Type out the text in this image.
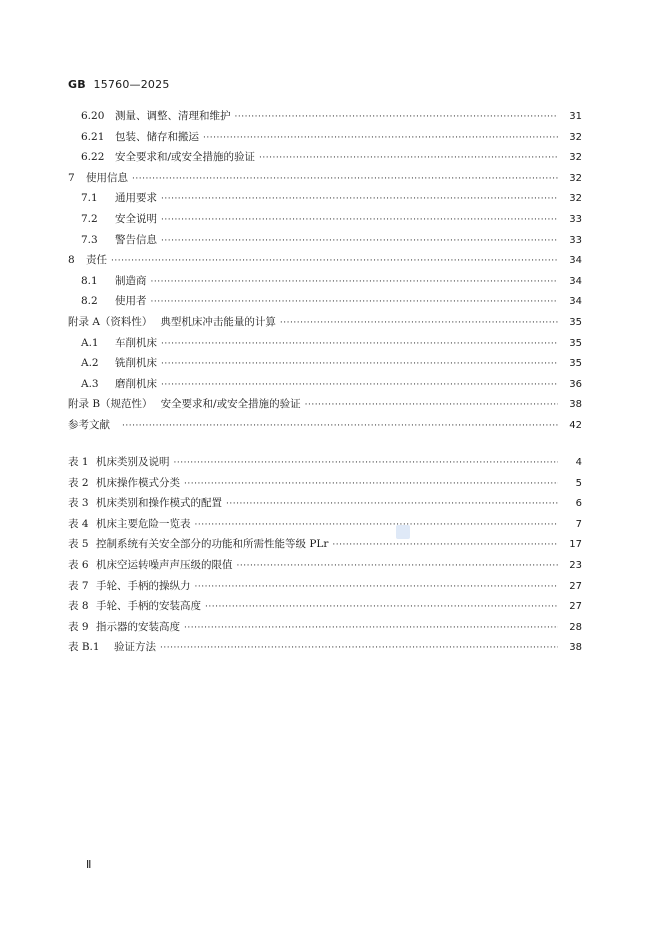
GB 15760—2025
6.20	测量、调整、清理和维护 ·····	31
6.21	包装、储存和搬运 ·····	32
6.22	安全要求和/或安全措施的验证 ·····	32
7	使用信息 ·····	32
7.1	通用要求 ·····	32
7.2	安全说明 ·····	33
7.3	警告信息 ·····	33
8	责任 ·····	34
8.1	制造商 ·····	34
8.2	使用者 ·····	34
附录 A（资料性） 典型机床冲击能量的计算 ·····	35
A.1	车削机床 ·····	35
A.2	铣削机床 ·····	35
A.3	磨削机床 ·····	36
附录 B（规范性） 安全要求和/或安全措施的验证 ·····	38
参考文献 ·····	42
表 1 机床类别及说明 ·····	4
表 2 机床操作模式分类 ·····	5
表 3 机床类别和操作模式的配置 ·····	6
表 4 机床主要危险一览表 ·····	7
表 5 控制系统有关安全部分的功能和所需性能等级 PLr ·····	17
表 6 机床空运转噪声声压级的限值 ·····	23
表 7 手轮、手柄的操纵力 ·····	27
表 8 手轮、手柄的安装高度 ·····	27
表 9 指示器的安装高度 ·····	28
表 B.1	验证方法 ·····	38
Ⅱ
